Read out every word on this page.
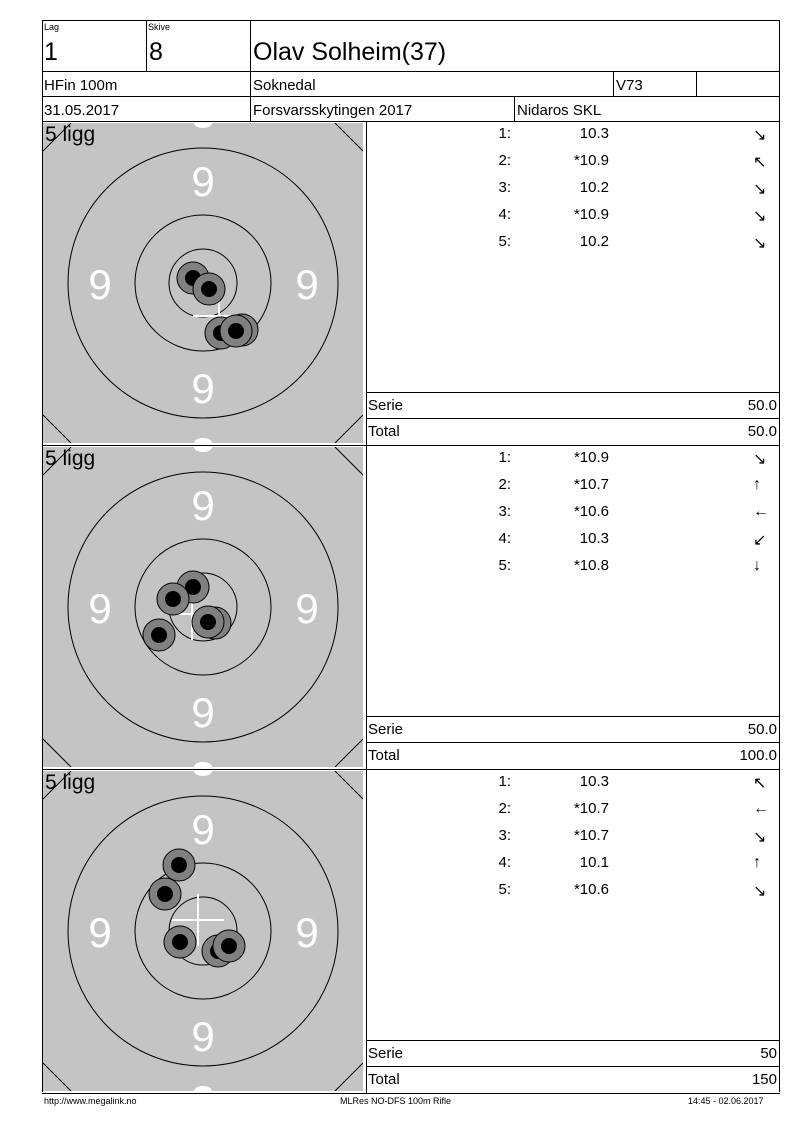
Lag
1
Skive
8	Olav Solheim(37)
HFin 100m	Soknedal	V73
31.05.2017	Forsvarsskytingen 2017	Nidaros SKL
9
9	9
9
5 ligg	1:	10.3	↘
2:	*10.9	↖
3:	10.2	↘
4:	*10.9	↘
5:	10.2	↘
Serie	50.0
Total	50.0
9
9	9
9
5 ligg	1:	*10.9	↘
2:	*10.7	↑
3:	*10.6	←
4:	10.3	↙
5:	*10.8	↓
Serie	50.0
Total	100.0
9
9	9
9
5 ligg	1:	10.3	↖
2:	*10.7	←
3:	*10.7	↘
4:	10.1	↑
5:	*10.6	↘
Serie	50
Total	150
http://www.megalink.no	MLRes NO-DFS 100m Rifle	14:45 - 02.06.2017
